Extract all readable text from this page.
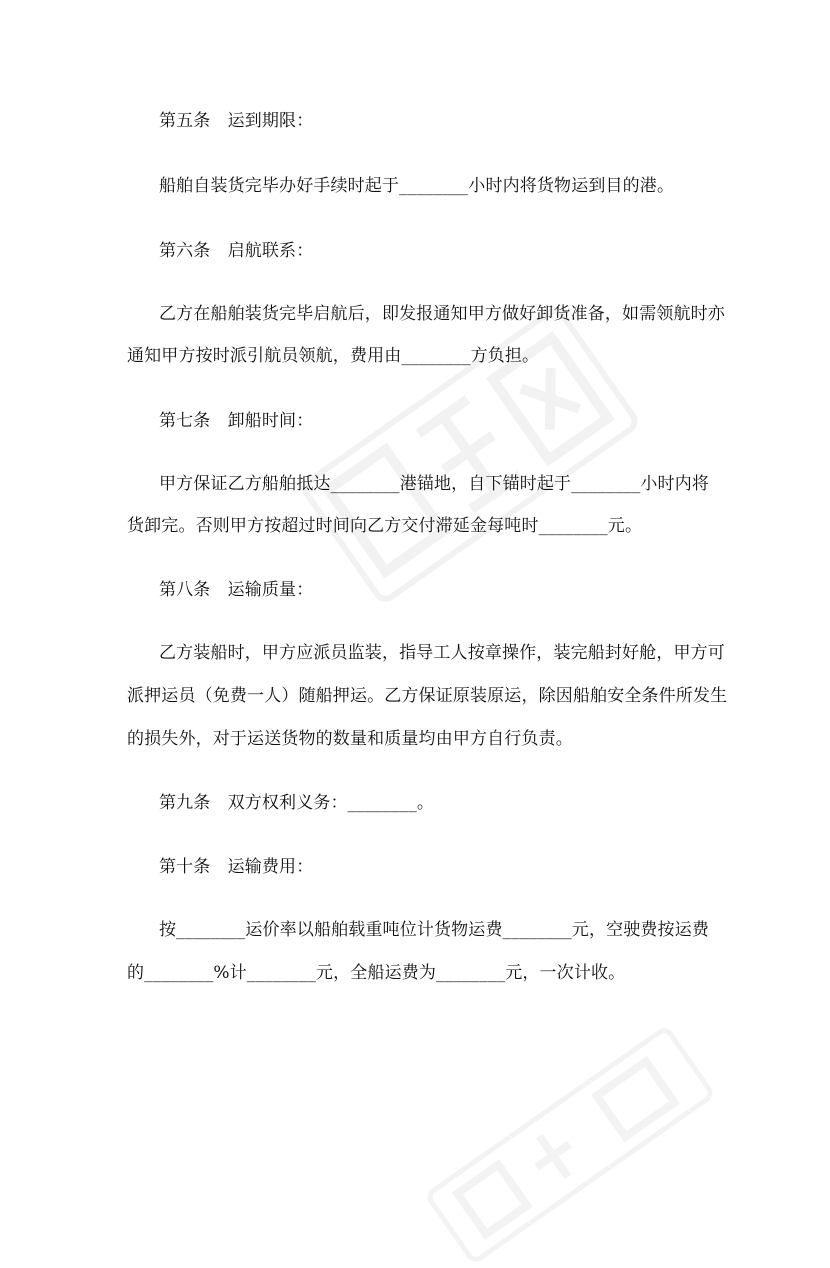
第五条　运到期限：
船舶自装货完毕办好手续时起于________小时内将货物运到目的港。
第六条　启航联系：
乙方在船舶装货完毕启航后，即发报通知甲方做好卸货准备，如需领航时亦
通知甲方按时派引航员领航，费用由________方负担。
第七条　卸船时间：
甲方保证乙方船舶抵达________港锚地，自下锚时起于________小时内将
货卸完。否则甲方按超过时间向乙方交付滞延金每吨时________元。
第八条　运输质量：
乙方装船时，甲方应派员监装，指导工人按章操作，装完船封好舱，甲方可
派押运员（免费一人）随船押运。乙方保证原装原运，除因船舶安全条件所发生
的损失外，对于运送货物的数量和质量均由甲方自行负责。
第九条　双方权利义务：________。
第十条　运输费用：
按________运价率以船舶载重吨位计货物运费________元，空驶费按运费
的________%计________元，全船运费为________元，一次计收。
